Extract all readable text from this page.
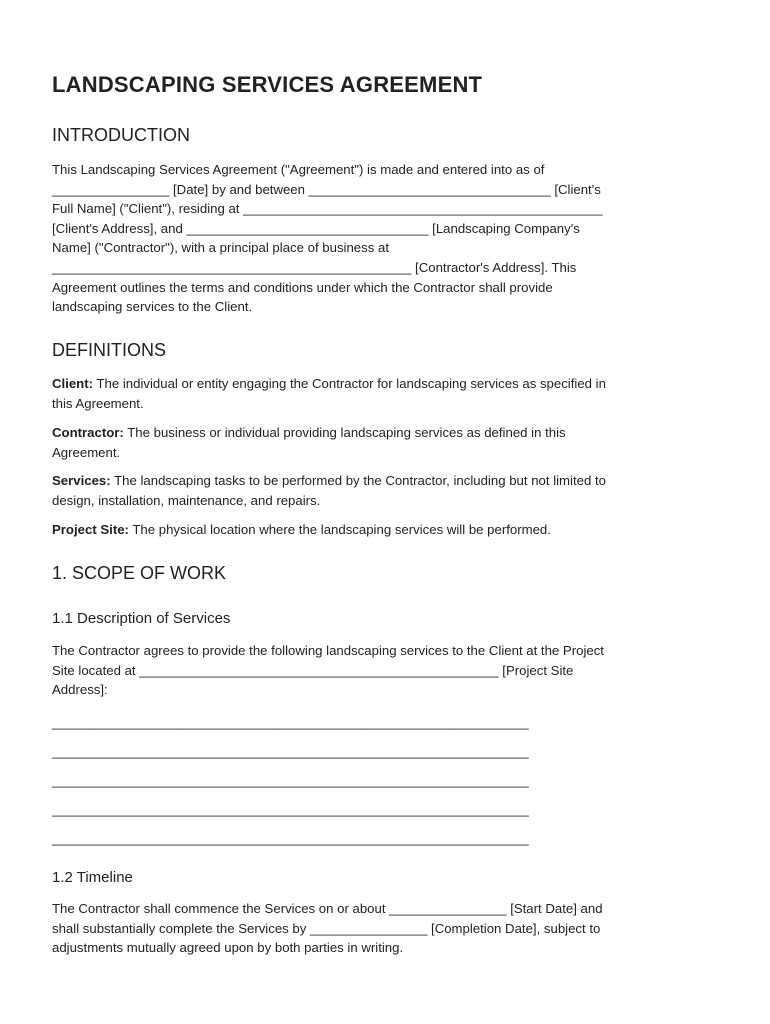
LANDSCAPING SERVICES AGREEMENT
INTRODUCTION

This Landscaping Services Agreement ("Agreement") is made and entered into as of
________________ [Date] by and between _________________________________ [Client's
Full Name] ("Client"), residing at _________________________________________________
[Client's Address], and _________________________________ [Landscaping Company's
Name] ("Contractor"), with a principal place of business at
_________________________________________________ [Contractor's Address]. This
Agreement outlines the terms and conditions under which the Contractor shall provide
landscaping services to the Client.

DEFINITIONS

Client: The individual or entity engaging the Contractor for landscaping services as specified in
this Agreement.

Contractor: The business or individual providing landscaping services as defined in this
Agreement.

Services: The landscaping tasks to be performed by the Contractor, including but not limited to
design, installation, maintenance, and repairs.

Project Site: The physical location where the landscaping services will be performed.

1. SCOPE OF WORK
1.1 Description of Services

The Contractor agrees to provide the following landscaping services to the Client at the Project
Site located at _________________________________________________ [Project Site
Address]:

_________________________________________________________________
_________________________________________________________________
_________________________________________________________________
_________________________________________________________________
_________________________________________________________________
1.2 Timeline

The Contractor shall commence the Services on or about ________________ [Start Date] and
shall substantially complete the Services by ________________ [Completion Date], subject to
adjustments mutually agreed upon by both parties in writing.
